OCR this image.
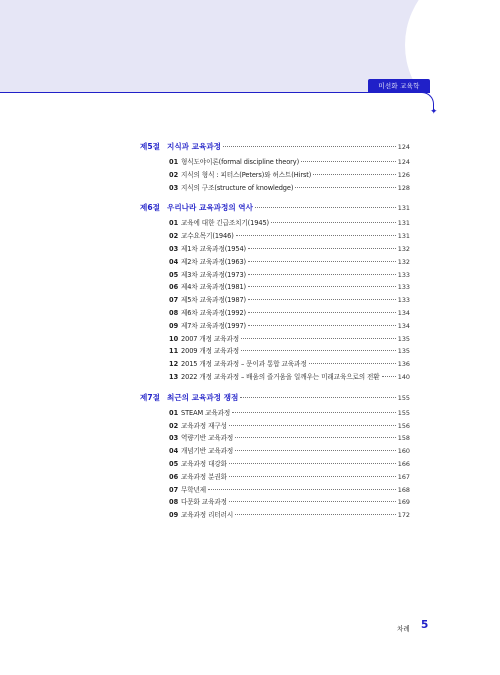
미선화 교육학
✦
제5절 지식과 교육과정	124
01 형식도야이론(formal discipline theory)	124
02 지식의 형식 : 피터스(Peters)와 허스트(Hirst)	126
03 지식의 구조(structure of knowledge)	128
제6절 우리나라 교육과정의 역사	131
01 교육에 대한 긴급조치기(1945)	131
02 교수요목기(1946)	131
03 제1차 교육과정(1954)	132
04 제2차 교육과정(1963)	132
05 제3차 교육과정(1973)	133
06 제4차 교육과정(1981)	133
07 제5차 교육과정(1987)	133
08 제6차 교육과정(1992)	134
09 제7차 교육과정(1997)	134
10 2007 개정 교육과정	135
11 2009 개정 교육과정	135
12 2015 개정 교육과정 – 문이과 통합 교육과정	136
13 2022 개정 교육과정 – 배움의 즐거움을 일깨우는 미래교육으로의 전환	140
제7절 최근의 교육과정 쟁점	155
01 STEAM 교육과정	155
02 교육과정 재구성	156
03 역량기반 교육과정	158
04 개념기반 교육과정	160
05 교육과정 대강화	166
06 교육과정 분권화	167
07 무학년제	168
08 다문화 교육과정	169
09 교육과정 리터러시	172
차례 5
